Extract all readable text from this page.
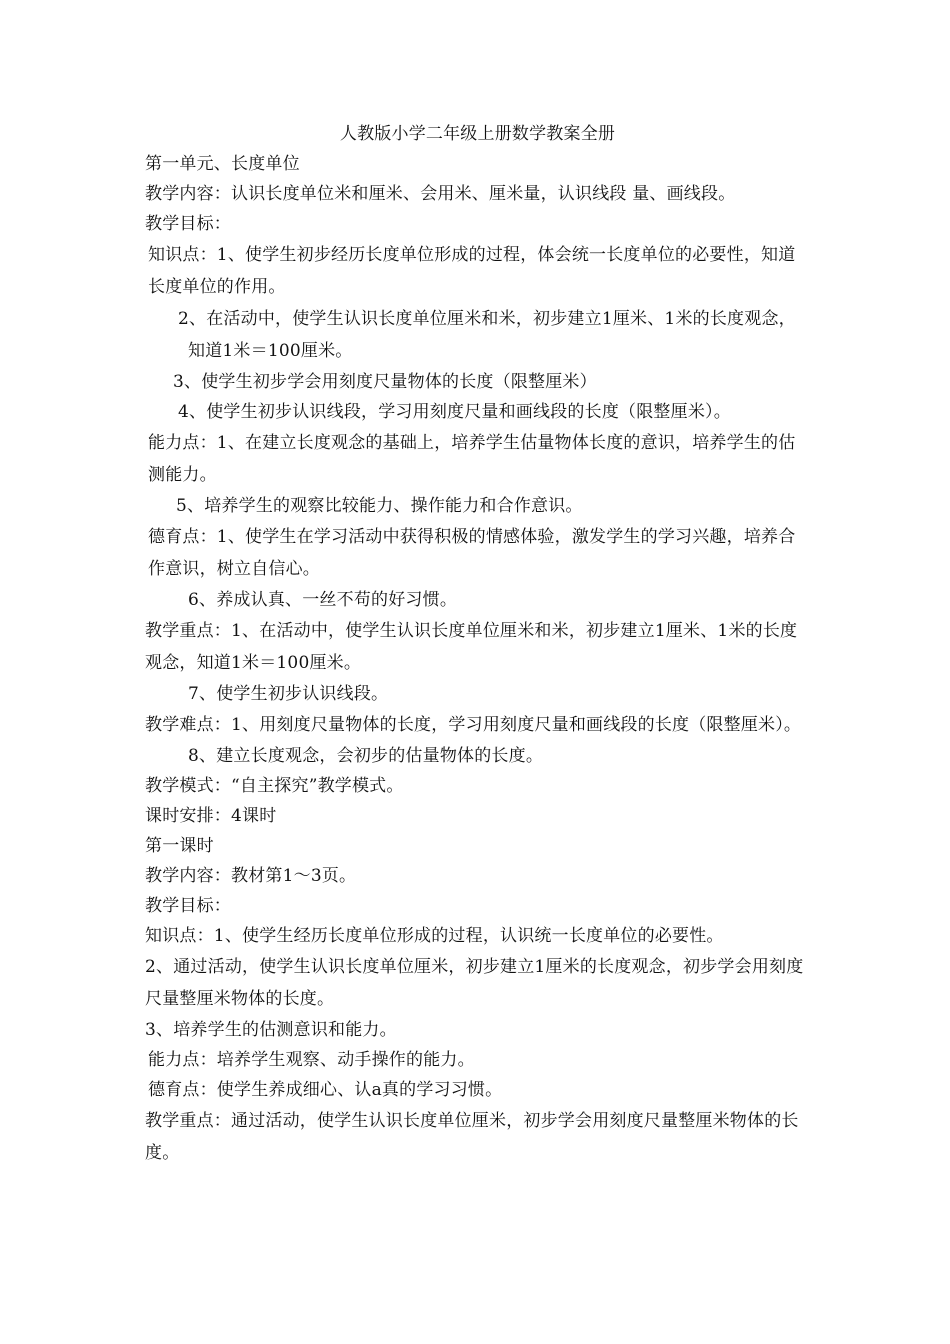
人教版小学二年级上册数学教案全册

第一单元、长度单位

教学内容：认识长度单位米和厘米、会用米、厘米量，认识线段 量、画线段。

教学目标：

知识点：1、使学生初步经历长度单位形成的过程，体会统一长度单位的必要性，知道长度单位的作用。

2、在活动中，使学生认识长度单位厘米和米，初步建立1厘米、1米的长度观念，知道1米＝100厘米。

3、使学生初步学会用刻度尺量物体的长度（限整厘米）

4、使学生初步认识线段，学习用刻度尺量和画线段的长度（限整厘米）。

能力点：1、在建立长度观念的基础上，培养学生估量物体长度的意识，培养学生的估测能力。

5、培养学生的观察比较能力、操作能力和合作意识。

德育点：1、使学生在学习活动中获得积极的情感体验，激发学生的学习兴趣，培养合作意识，树立自信心。

6、养成认真、一丝不苟的好习惯。

教学重点：1、在活动中，使学生认识长度单位厘米和米，初步建立1厘米、1米的长度观念，知道1米＝100厘米。

7、使学生初步认识线段。

教学难点：1、用刻度尺量物体的长度，学习用刻度尺量和画线段的长度（限整厘米）。

8、建立长度观念，会初步的估量物体的长度。

教学模式：“自主探究”教学模式。

课时安排：4课时

第一课时

教学内容：教材第1～3页。

教学目标：

知识点：1、使学生经历长度单位形成的过程，认识统一长度单位的必要性。

2、通过活动，使学生认识长度单位厘米，初步建立1厘米的长度观念，初步学会用刻度尺量整厘米物体的长度。

3、培养学生的估测意识和能力。

能力点：培养学生观察、动手操作的能力。

德育点：使学生养成细心、认a真的学习习惯。

教学重点：通过活动，使学生认识长度单位厘米，初步学会用刻度尺量整厘米物体的长度。
